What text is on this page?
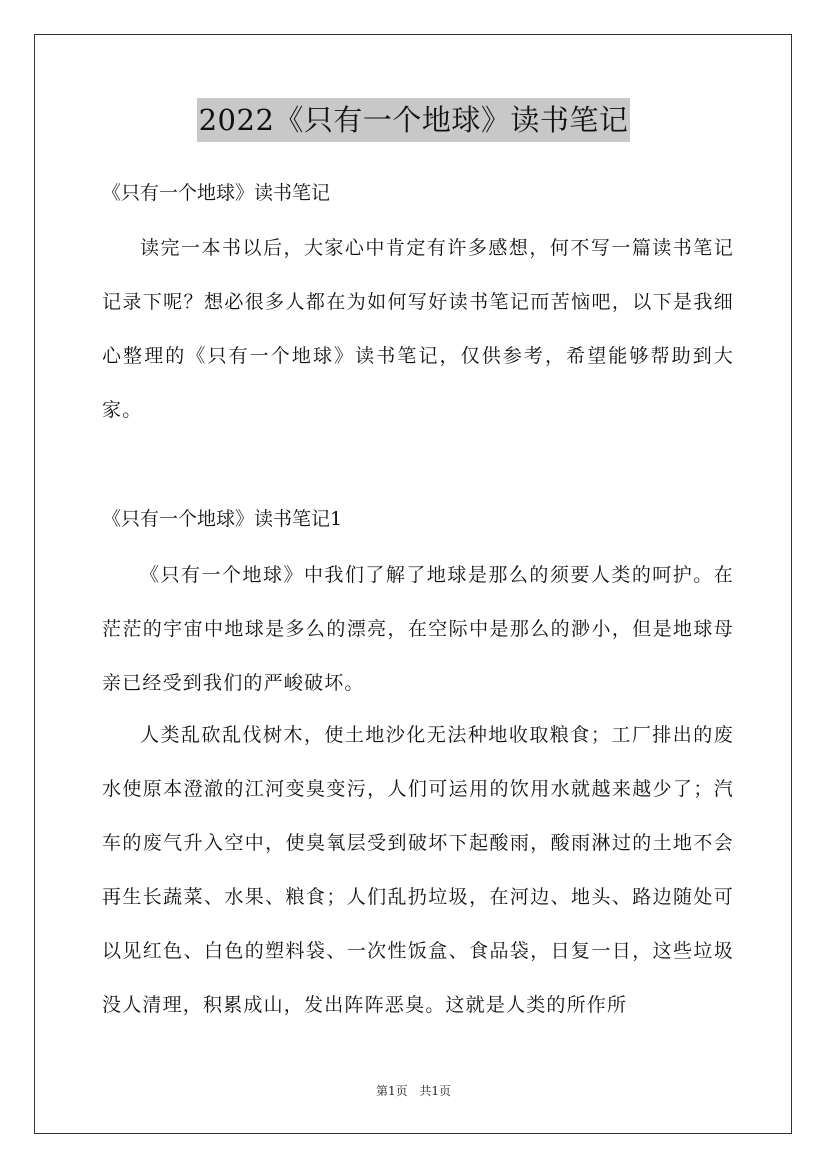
2022《只有一个地球》读书笔记
《只有一个地球》读书笔记

读完一本书以后，大家心中肯定有许多感想，何不写一篇读书笔记记录下呢？想必很多人都在为如何写好读书笔记而苦恼吧，以下是我细心整理的《只有一个地球》读书笔记，仅供参考，希望能够帮助到大家。

《只有一个地球》读书笔记1

《只有一个地球》中我们了解了地球是那么的须要人类的呵护。在茫茫的宇宙中地球是多么的漂亮，在空际中是那么的渺小，但是地球母亲已经受到我们的严峻破坏。

人类乱砍乱伐树木，使土地沙化无法种地收取粮食；工厂排出的废水使原本澄澈的江河变臭变污，人们可运用的饮用水就越来越少了；汽车的废气升入空中，使臭氧层受到破坏下起酸雨，酸雨淋过的土地不会再生长蔬菜、水果、粮食；人们乱扔垃圾，在河边、地头、路边随处可以见红色、白色的塑料袋、一次性饭盒、食品袋，日复一日，这些垃圾没人清理，积累成山，发出阵阵恶臭。这就是人类的所作所

第1页 共1页
